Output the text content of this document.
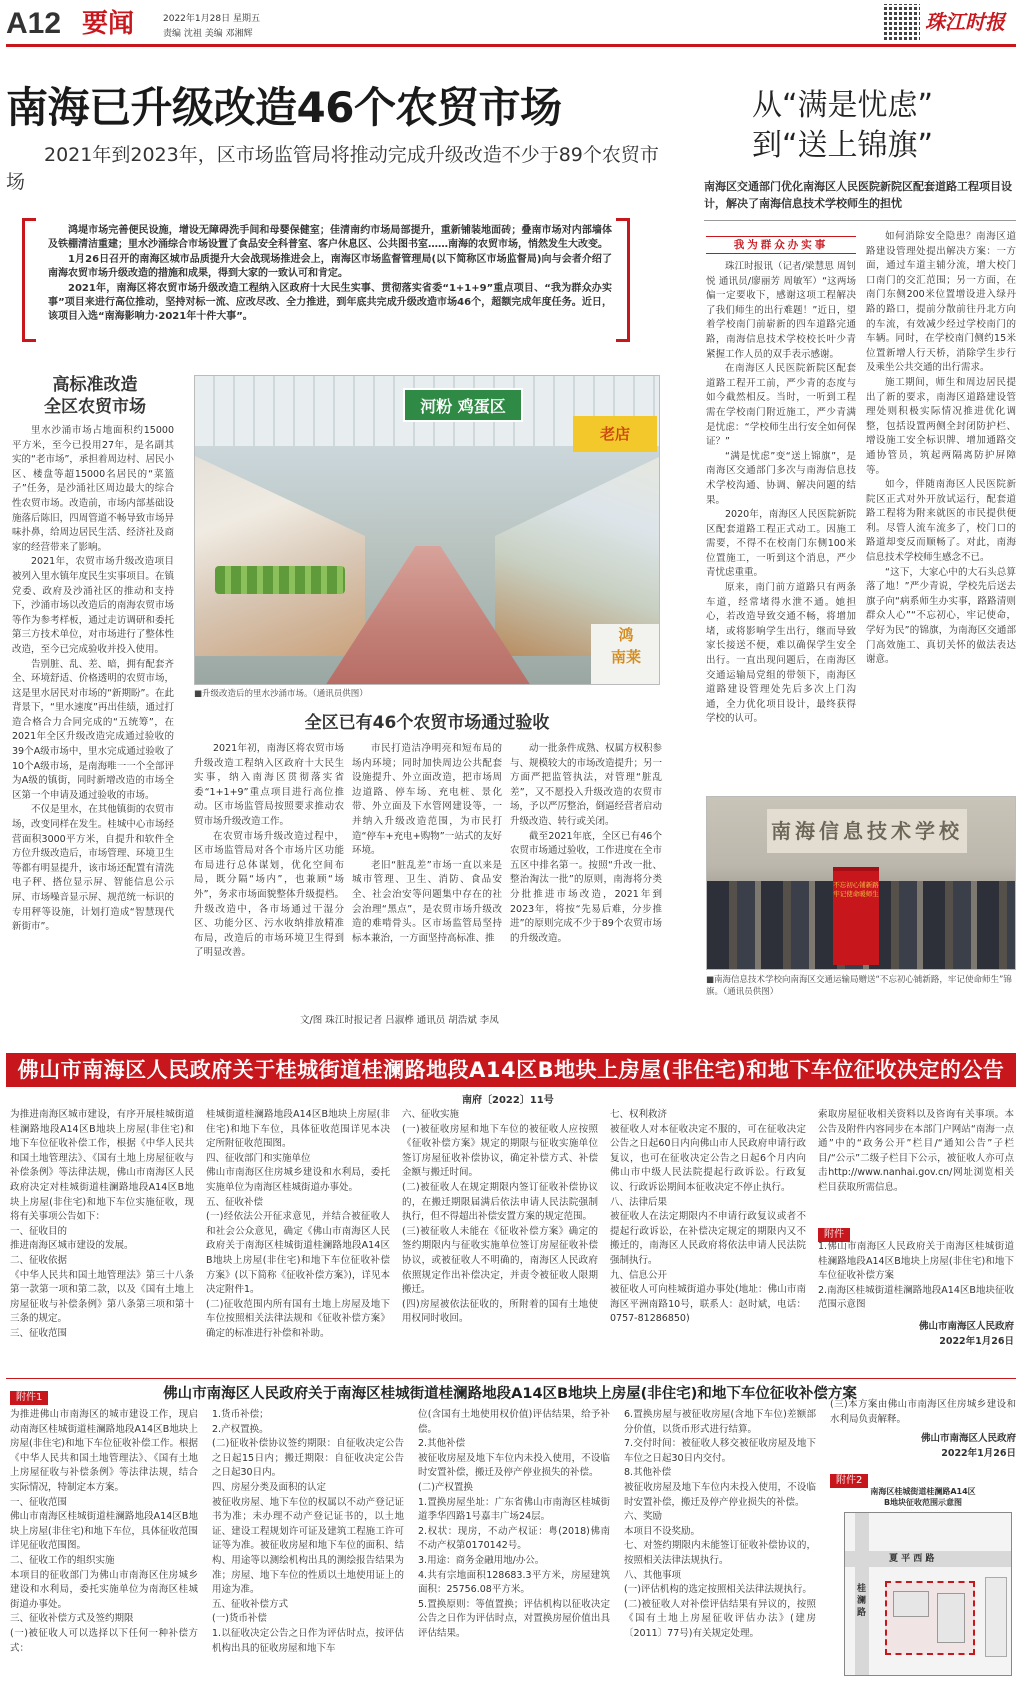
A12 要闻	2022年1月28日 星期五
责编 沈祖 美编 邓湘辉	珠江时报
南海已升级改造46个农贸市场
2021年到2023年，区市场监管局将推动完成升级改造不少于89个农贸市场

鸿堤市场完善便民设施，增设无障碍洗手间和母婴保健室；佳清南约市场局部提升，重新铺装地面砖；叠南市场对内部墙体及铁棚清洁重建；里水沙涌综合市场设置了食品安全科普室、客户休息区、公共图书室……南海的农贸市场，悄然发生大改变。

1月26日召开的南海区城市品质提升大会战现场推进会上，南海区市场监督管理局(以下简称区市场监督局)向与会者介绍了南海农贸市场升级改造的措施和成果，得到大家的一致认可和肯定。

2021年，南海区将农贸市场升级改造工程纳入区政府十大民生实事、贯彻落实省委“1+1+9”重点项目、“我为群众办实事”项目来进行高位推动，坚持对标一流、应改尽改、全力推进，到年底共完成升级改造市场46个，超额完成年度任务。近日，该项目入选“南海影响力·2021年十件大事”。

高标准改造
全区农贸市场

里水沙涌市场占地面积约15000平方米，至今已投用27年，是名副其实的“老市场”，承担着周边村、居民小区、楼盘等超15000名居民的“菜篮子”任务，是沙涌社区周边最大的综合性农贸市场。改造前，市场内部基础设施落后陈旧，四周管道不畅导致市场异味扑鼻，给周边居民生活、经济社及商家的经营带来了影响。

2021年，农贸市场升级改造项目被列入里水镇年度民生实事项目。在镇党委、政府及沙涌社区的推动和支持下，沙涌市场以改造后的南海农贸市场等作为参考样板，通过走访调研和委托第三方技术单位，对市场进行了整体性改造，至今已完成验收并投入使用。

告别脏、乱、差、暗，拥有配套齐全、环境舒适、价格透明的农贸市场，这是里水居民对市场的“新期盼”。在此背景下，“里水速度”再出佳绩，通过打造合格合力合同完成的“五统筹”，在2021年全区升级改造完成通过验收的39个A级市场中，里水完成通过验收了10个A级市场，是南海唯一一个全部评为A级的镇街，同时新增改造的市场全区第一个申请及通过验收的市场。

不仅是里水，在其他镇街的农贸市场，改变同样在发生。桂城中心市场经营面积3000平方米，自提升和软件全方位升级改造后，市场管理、环境卫生等都有明显提升，该市场还配置有清洗电子秤、搭位显示屏、智能信息公示屏、市场噪音显示屏、规范统一标识的专用秤等设施，计划打造成“智慧现代新街市”。

河粉 鸡蛋区
老店
鸿
南莱
■升级改造后的里水沙涌市场。（通讯员供图）
全区已有46个农贸市场通过验收

2021年初，南海区将农贸市场升级改造工程纳入区政府十大民生实事，纳入南海区贯彻落实省委“1+1+9”重点项目进行高位推动。区市场监管局按照要求推动农贸市场升级改造工作。

在农贸市场升级改造过程中，区市场监管局对各个市场片区功能布局进行总体谋划，优化空间布局，既分隔“场内”，也兼顾“场外”，务求市场面貌整体升级提档。升级改造中，各市场通过干湿分区、功能分区、污水收纳排放精准布局，改造后的市场环境卫生得到了明显改善。

市民打造洁净明亮和短布局的场内环境；同时加快周边公共配套设施提升、外立面改造，把市场周边道路、停车场、充电桩、景化带、外立面及下水管网建设等，一并纳入升级改造范围，为市民打造“停车+充电+购物”一站式的友好环境。

老旧“脏乱差”市场一直以来是城市管理、卫生、消防、食品安全、社会治安等问题集中存在的社会治理“黑点”，是农贸市场升级改造的难啃骨头。区市场监管局坚持标本兼治，一方面坚持高标准、推

动一批条件成熟、权属方权积参与、规模较大的市场改造提升；另一方面严把监管执法，对管理“脏乱差”，又不愿投入升级改造的农贸市场，予以严厉整治，倒逼经营者启动升级改造、转行或关闭。

截至2021年底，全区已有46个农贸市场通过验收，工作进度在全市五区中排名第一。按照“升改一批、整治淘汰一批”的原则，南海将分类分批推进市场改造，2021年到2023年，将按“先易后难，分步推进”的原则完成不少于89个农贸市场的升级改造。

文/图 珠江时报记者 吕淑桦 通讯员 胡浩斌 李凤
从“满是忧虑”
到“送上锦旗”
南海区交通部门优化南海区人民医院新院区配套道路工程项目设计，解决了南海信息技术学校师生的担忧
我为群众办实事

珠江时报讯（记者/梁慧思 周钊悦 通讯员/廖丽芳 周敏军）“这两场偏一定要收下，感谢这项工程解决了我们师生的出行难题！”近日，望着学校南门前崭新的四车道路完通路，南海信息技术学校校长叶少青紧握工作人员的双手表示感谢。

在南海区人民医院新院区配套道路工程开工前，严少青的态度与如今截然相反。当时，一听到工程需在学校南门附近施工，严少青满是忧虑：“学校师生出行安全如何保证？”

“满是忧虑”变“送上锦旗”，是南海区交通部门多次与南海信息技术学校沟通、协调、解决问题的结果。

2020年，南海区人民医院新院区配套道路工程正式动工。因施工需要，不得不在校南门东侧100米位置施工，一听到这个消息，严少青忧虑重重。

原来，南门前方道路只有两条车道，经常堵得水泄不通。她担心，若改造导致交通不畅，将增加堵，或将影响学生出行，继而导致家长接送不便，难以确保学生安全出行。一直出现问题后，在南海区交通运输局党组的带领下，南海区道路建设管理处先后多次上门沟通，全力优化项目设计，最终获得学校的认可。

如何消除安全隐患？南海区道路建设管理处提出解决方案：一方面，通过车道主辅分流，增大校门口南门的交汇范围；另一方面，在南门东侧200米位置增设进入绿丹路的路口，提前分散前往丹北方向的车流，有效减少经过学校南门的车辆。同时，在学校南门侧约15米位置新增人行天桥，消除学生步行及乘坐公共交通的出行需求。

施工期间，师生和周边居民提出了新的要求，南海区道路建设管理处则积极实际情况推进优化调整，包括设置两侧全封闭防护栏、增设施工安全标识牌、增加通路交通协管员，筑起两隔离防护屏障等。

如今，伴随南海区人民医院新院区正式对外开放试运行，配套道路工程将为附来就医的市民提供便利。尽管人流车流多了，校门口的路道却变反而顺畅了。对此，南海信息技术学校师生感念不已。

“这下，大家心中的大石头总算落了地！”严少青说，学校先后送去旗子向“病系师生办实事，路路清则群众人心”“不忘初心，牢记使命，学好为民”的锦旗，为南海区交通部门高效施工、真切关怀的做法表达谢意。

南海信息技术学校
不忘初心铺新路
牢记使命暖师生
■南海信息技术学校向南海区交通运输局赠送“不忘初心铺新路，牢记使命师生”锦旗。（通讯员供图）
佛山市南海区人民政府关于桂城街道桂澜路地段A14区B地块上房屋(非住宅)和地下车位征收决定的公告
南府〔2022〕11号
为推进南海区城市建设，有序开展桂城街道桂澜路地段A14区B地块上房屋(非住宅)和地下车位征收补偿工作，根据《中华人民共和国土地管理法》、《国有土地上房屋征收与补偿条例》等法律法规，佛山市南海区人民政府决定对桂城街道桂澜路地段A14区B地块上房屋(非住宅)和地下车位实施征收，现将有关事项公告如下：
一、征收目的
推进南海区城市建设的发展。
二、征收依据
《中华人民共和国土地管理法》第三十八条第一款第一项和第二款，以及《国有土地上房屋征收与补偿条例》第八条第三项和第十三条的规定。
三、征收范围
桂城街道桂澜路地段A14区B地块上房屋(非住宅)和地下车位，具体征收范围详见本决定所附征收范围图。
四、征收部门和实施单位
佛山市南海区住房城乡建设和水利局，委托实施单位为南海区桂城街道办事处。
五、征收补偿
(一)经依法公开征求意见，并结合被征收人和社会公众意见，确定《佛山市南海区人民政府关于南海区桂城街道桂澜路地段A14区B地块上房屋(非住宅)和地下车位征收补偿方案》(以下简称《征收补偿方案》)，详见本决定附件1。
(二)征收范围内所有国有土地上房屋及地下车位按照相关法律法规和《征收补偿方案》确定的标准进行补偿和补助。
六、征收实施
(一)被征收房屋和地下车位的被征收人应按照《征收补偿方案》规定的期限与征收实施单位签订房屋征收补偿协议，确定补偿方式、补偿金额与搬迁时间。
(二)被征收人在规定期限内签订征收补偿协议的，在搬迁期限届满后依法申请人民法院强制执行，但不得超出补偿安置方案的规定范围。
(三)被征收人未能在《征收补偿方案》确定的签约期限内与征收实施单位签订房屋征收补偿协议，或被征收人不明确的，南海区人民政府依照规定作出补偿决定，并责令被征收人限期搬迁。
(四)房屋被依法征收的，所附着的国有土地使用权同时收回。
七、权利救济
被征收人对本征收决定不服的，可在征收决定公告之日起60日内向佛山市人民政府申请行政复议，也可在征收决定公告之日起6个月内向佛山市中级人民法院提起行政诉讼。行政复议、行政诉讼期间本征收决定不停止执行。
八、法律后果
被征收人在法定期限内不申请行政复议或者不提起行政诉讼，在补偿决定规定的期限内又不搬迁的，南海区人民政府将依法申请人民法院强制执行。
九、信息公开
被征收人可向桂城街道办事处(地址：佛山市南海区平洲南路10号，联系人：赵时斌，电话：0757-81286850)
索取房屋征收相关资料以及咨询有关事项。本公告及附件内容同步在本部门户网站“南海一点通”中的“政务公开”栏目/“通知公告”子栏目/“公示”二级子栏目下公示，被征收人亦可点击http://www.nanhai.gov.cn/网址浏览相关栏目获取所需信息。
附件
1.佛山市南海区人民政府关于南海区桂城街道桂澜路地段A14区B地块上房屋(非住宅)和地下车位征收补偿方案
2.南海区桂城街道桂澜路地段A14区B地块征收范围示意图
佛山市南海区人民政府
2022年1月26日
附件1	佛山市南海区人民政府关于南海区桂城街道桂澜路地段A14区B地块上房屋(非住宅)和地下车位征收补偿方案
为推进佛山市南海区的城市建设工作，现启动南海区桂城街道桂澜路地段A14区B地块上房屋(非住宅)和地下车位征收补偿工作。根据《中华人民共和国土地管理法》、《国有土地上房屋征收与补偿条例》等法律法规，结合实际情况，特制定本方案。
一、征收范围
佛山市南海区桂城街道桂澜路地段A14区B地块上房屋(非住宅)和地下车位，具体征收范围详见征收范围图。
二、征收工作的组织实施
本项目的征收部门为佛山市南海区住房城乡建设和水利局，委托实施单位为南海区桂城街道办事处。
三、征收补偿方式及签约期限
(一)被征收人可以选择以下任何一种补偿方式：
1.货币补偿；
2.产权置换。
(二)征收补偿协议签约期限：自征收决定公告之日起15日内；搬迁期限：自征收决定公告之日起30日内。
四、房屋分类及面积的认定
被征收房屋、地下车位的权属以不动产登记证书为准；未办理不动产登记证书的，以土地证、建设工程规划许可证及建筑工程施工许可证等为准。被征收房屋和地下车位的面积、结构、用途等以测绘机构出具的测绘报告结果为准；房屋、地下车位的性质以土地使用证上的用途为准。
五、征收补偿方式
(一)货币补偿
1.以征收决定公告之日作为评估时点，按评估机构出具的征收房屋和地下车
位(含国有土地使用权价值)评估结果，给予补偿。
2.其他补偿
被征收房屋及地下车位内未投入使用，不设临时安置补偿，搬迁及停产停业损失的补偿。
(二)产权置换
1.置换房屋坐址：广东省佛山市南海区桂城街道季华四路1号嘉丰广场24层。
2.权状：现房，不动产权证：粤(2018)佛南不动产权第0170142号。
3.用途：商务金融用地/办公。
4.共有宗地面积128683.3平方米，房屋建筑面积：25756.08平方米。
5.置换原则：等值置换；评估机构以征收决定公告之日作为评估时点，对置换房屋价值出具评估结果。
6.置换房屋与被征收房屋(含地下车位)差额部分价值，以货币形式进行结算。
7.交付时间：被征收人移交被征收房屋及地下车位之日起30日内交付。
8.其他补偿
被征收房屋及地下车位内未投入使用，不设临时安置补偿，搬迁及停产停业损失的补偿。
六、奖励
本项目不设奖励。
七、对签约期限内未能签订征收补偿协议的，按照相关法律法规执行。
八、其他事项
(一)评估机构的选定按照相关法律法规执行。
(二)被征收人对补偿评估结果有异议的，按照《国有土地上房屋征收评估办法》(建房〔2011〕77号)有关规定处理。
(三)本方案由佛山市南海区住房城乡建设和水利局负责解释。
佛山市南海区人民政府
2022年1月26日
附件2
南海区桂城街道桂澜路A14区
B地块征收范围示意图
夏 平 西 路
桂
澜
路
